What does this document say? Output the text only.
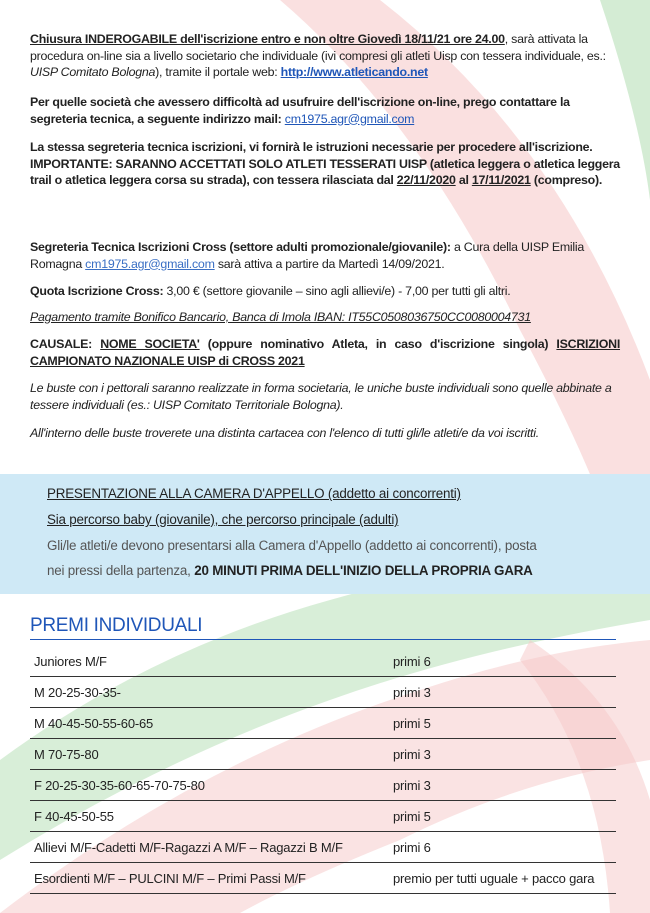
Chiusura INDEROGABILE dell'iscrizione entro e non oltre Giovedì 18/11/21 ore 24.00, sarà attivata la procedura on-line sia a livello societario che individuale (ivi compresi gli atleti Uisp con tessera individuale, es.: UISP Comitato Bologna), tramite il portale web: http://www.atleticando.net
Per quelle società che avessero difficoltà ad usufruire dell'iscrizione on-line, prego contattare la segreteria tecnica, a seguente indirizzo mail: cm1975.agr@gmail.com
La stessa segreteria tecnica iscrizioni, vi fornirà le istruzioni necessarie per procedere all'iscrizione.
IMPORTANTE: SARANNO ACCETTATI SOLO ATLETI TESSERATI UISP (atletica leggera o atletica leggera trail o atletica leggera corsa su strada), con tessera rilasciata dal 22/11/2020 al 17/11/2021 (compreso).
Segreteria Tecnica Iscrizioni Cross (settore adulti promozionale/giovanile): a Cura della UISP Emilia Romagna cm1975.agr@gmail.com sarà attiva a partire da Martedì 14/09/2021.
Quota Iscrizione Cross: 3,00 € (settore giovanile – sino agli allievi/e) - 7,00 per tutti gli altri.
Pagamento tramite Bonifico Bancario, Banca di Imola IBAN: IT55C0508036750CC0080004731
CAUSALE: NOME SOCIETA' (oppure nominativo Atleta, in caso d'iscrizione singola) ISCRIZIONI CAMPIONATO NAZIONALE UISP di CROSS 2021
Le buste con i pettorali saranno realizzate in forma societaria, le uniche buste individuali sono quelle abbinate a tessere individuali (es.: UISP Comitato Territoriale Bologna).
All'interno delle buste troverete una distinta cartacea con l'elenco di tutti gli/le atleti/e da voi iscritti.
PRESENTAZIONE ALLA CAMERA D'APPELLO (addetto ai concorrenti)
Sia percorso baby (giovanile), che percorso principale (adulti)
Gli/le atleti/e devono presentarsi alla Camera d'Appello (addetto ai concorrenti), posta
nei pressi della partenza, 20 MINUTI PRIMA DELL'INIZIO DELLA PROPRIA GARA
PREMI INDIVIDUALI
Juniores M/F	primi 6
M 20-25-30-35-	primi 3
M 40-45-50-55-60-65	primi 5
M 70-75-80	primi 3
F 20-25-30-35-60-65-70-75-80	primi 3
F 40-45-50-55	primi 5
Allievi M/F-Cadetti M/F-Ragazzi A M/F – Ragazzi B M/F	primi 6
Esordienti M/F – PULCINI M/F – Primi Passi M/F	premio per tutti uguale + pacco gara
